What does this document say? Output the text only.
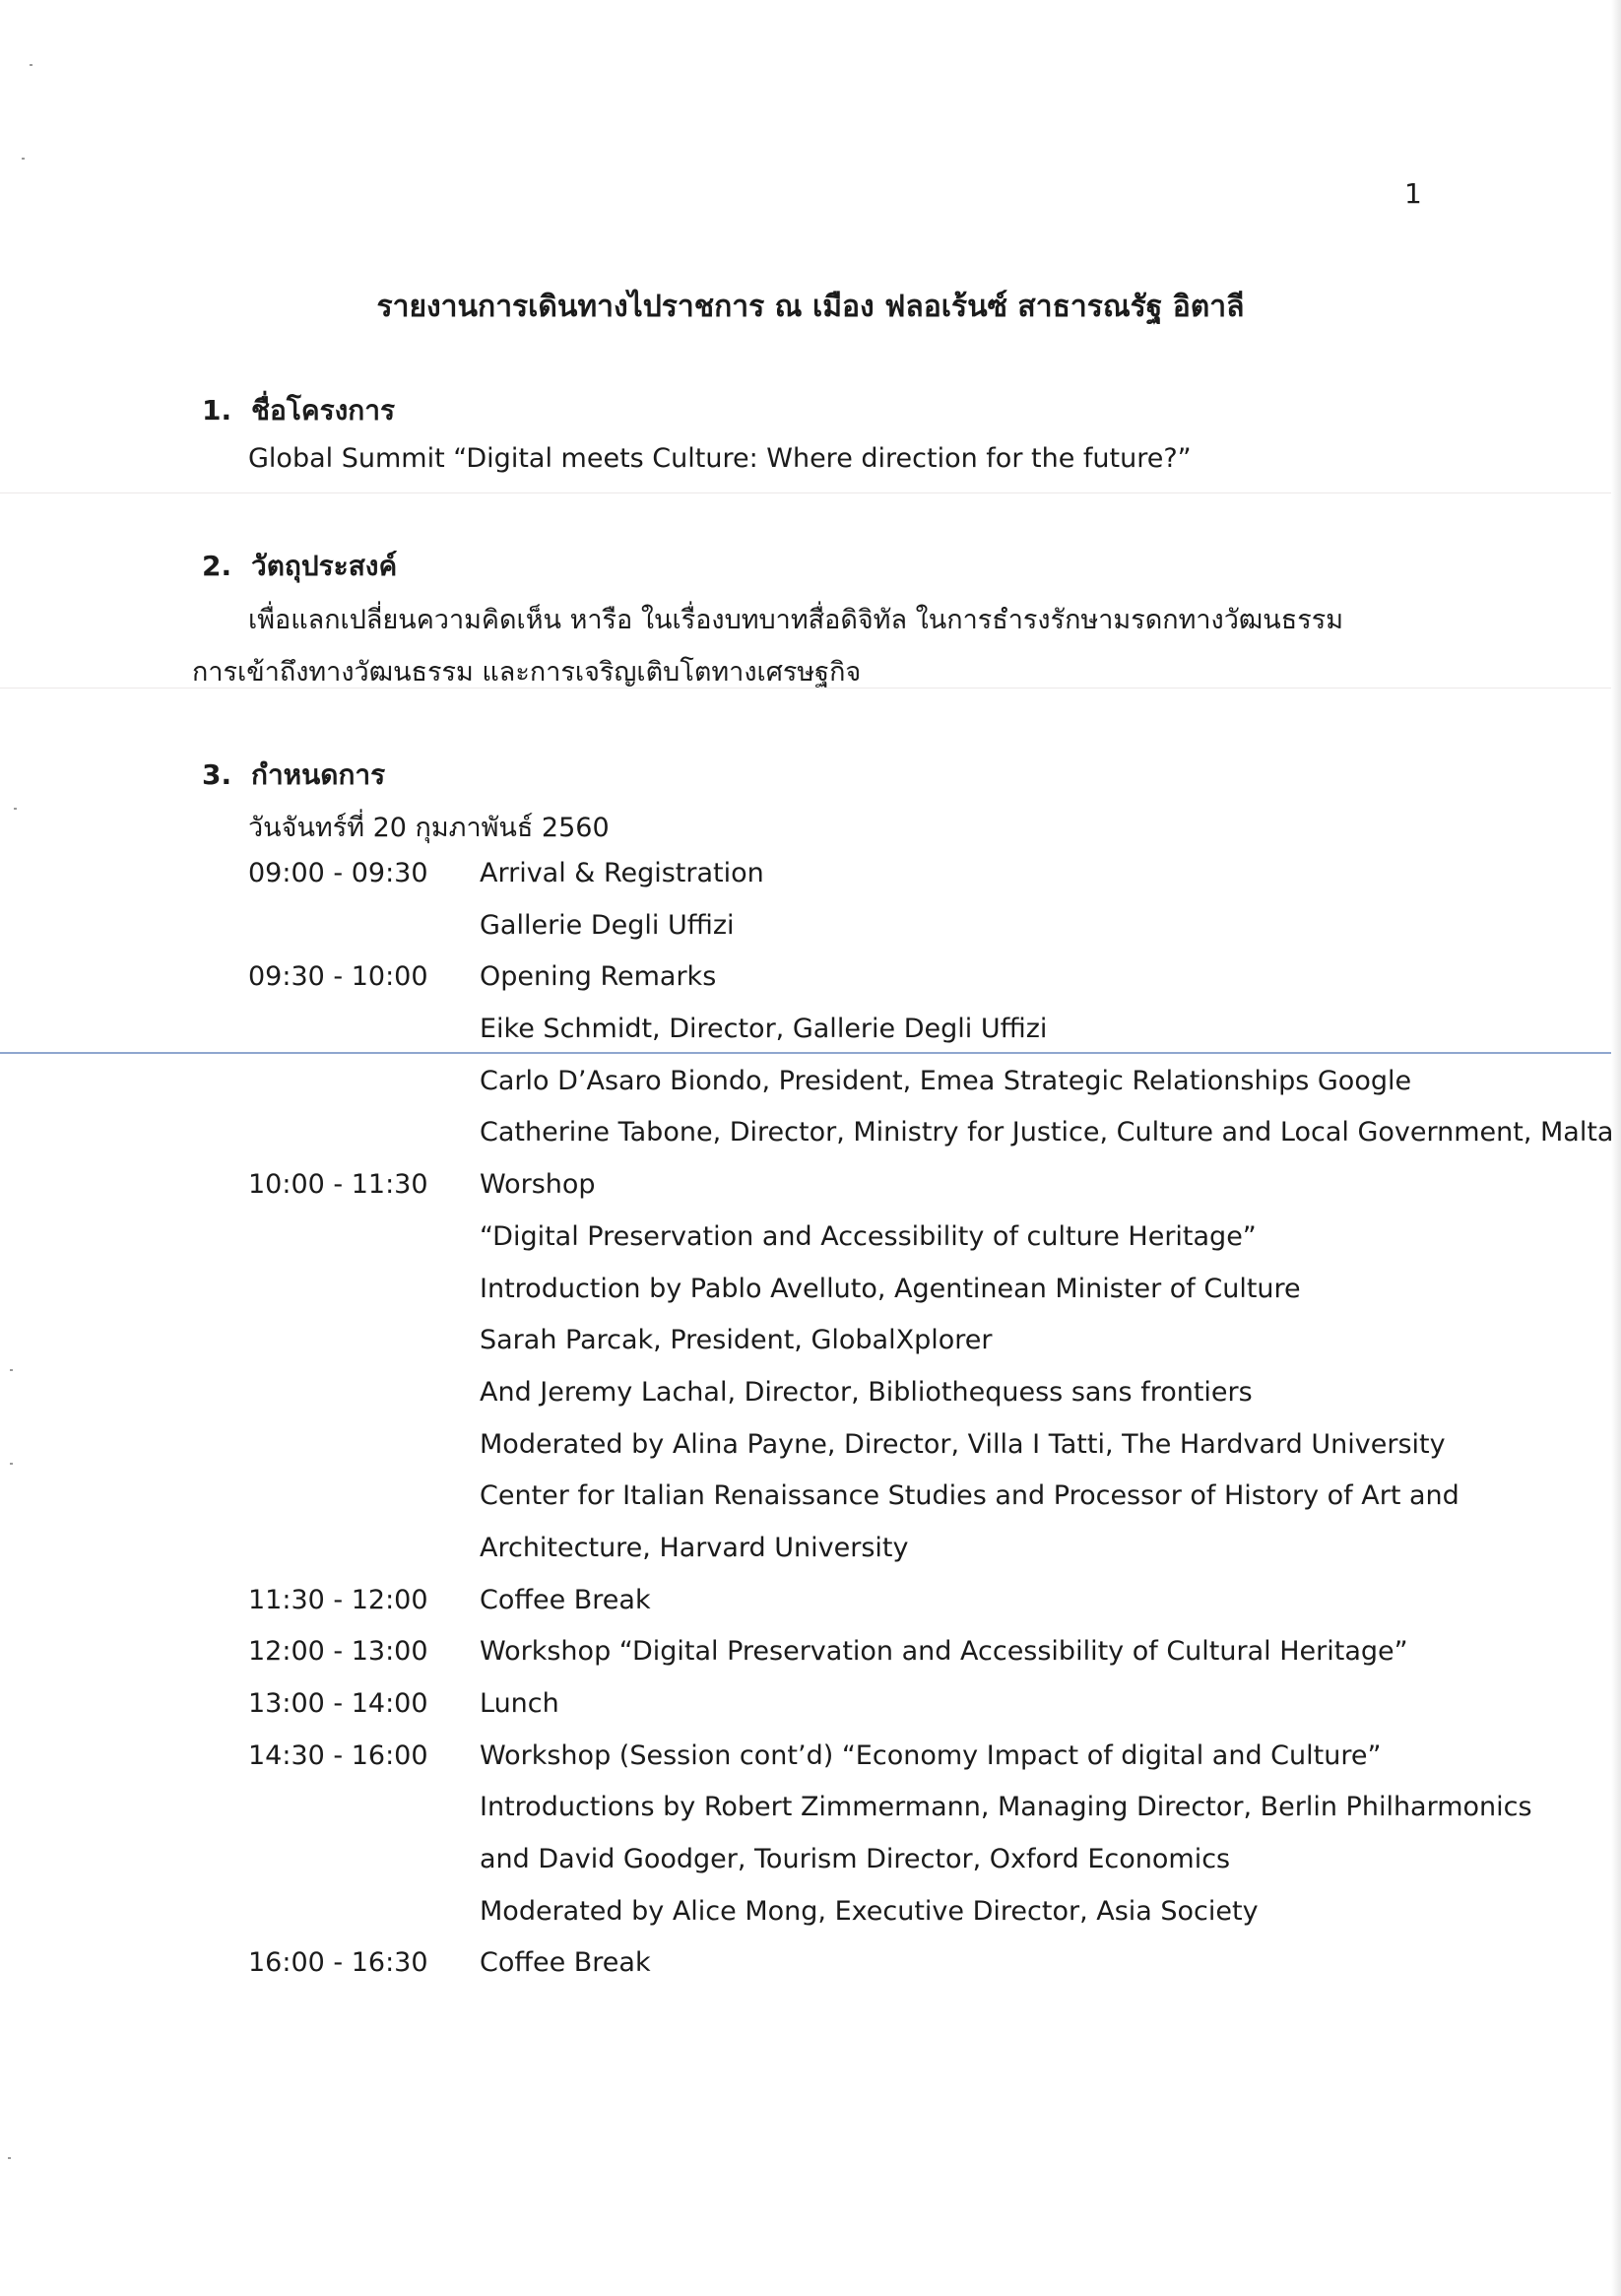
1
รายงานการเดินทางไปราชการ ณ เมือง ฟลอเร้นซ์ สาธารณรัฐ อิตาลี
1. ชื่อโครงการ
Global Summit “Digital meets Culture: Where direction for the future?”
2. วัตถุประสงค์
เพื่อแลกเปลี่ยนความคิดเห็น หารือ ในเรื่องบทบาทสื่อดิจิทัล ในการธำรงรักษามรดกทางวัฒนธรรม
การเข้าถึงทางวัฒนธรรม และการเจริญเติบโตทางเศรษฐกิจ
3. กำหนดการ
วันจันทร์ที่ 20 กุมภาพันธ์ 2560
09:00 - 09:30 Arrival & Registration
Gallerie Degli Uffizi
09:30 - 10:00 Opening Remarks
Eike Schmidt, Director, Gallerie Degli Uffizi
Carlo D’Asaro Biondo, President, Emea Strategic Relationships Google
Catherine Tabone, Director, Ministry for Justice, Culture and Local Government, Malta
10:00 - 11:30 Worshop
“Digital Preservation and Accessibility of culture Heritage”
Introduction by Pablo Avelluto, Agentinean Minister of Culture
Sarah Parcak, President, GlobalXplorer
And Jeremy Lachal, Director, Bibliothequess sans frontiers
Moderated by Alina Payne, Director, Villa I Tatti, The Hardvard University
Center for Italian Renaissance Studies and Processor of History of Art and
Architecture, Harvard University
11:30 - 12:00 Coffee Break
12:00 - 13:00 Workshop “Digital Preservation and Accessibility of Cultural Heritage”
13:00 - 14:00 Lunch
14:30 - 16:00 Workshop (Session cont’d) “Economy Impact of digital and Culture”
Introductions by Robert Zimmermann, Managing Director, Berlin Philharmonics
and David Goodger, Tourism Director, Oxford Economics
Moderated by Alice Mong, Executive Director, Asia Society
16:00 - 16:30 Coffee Break
